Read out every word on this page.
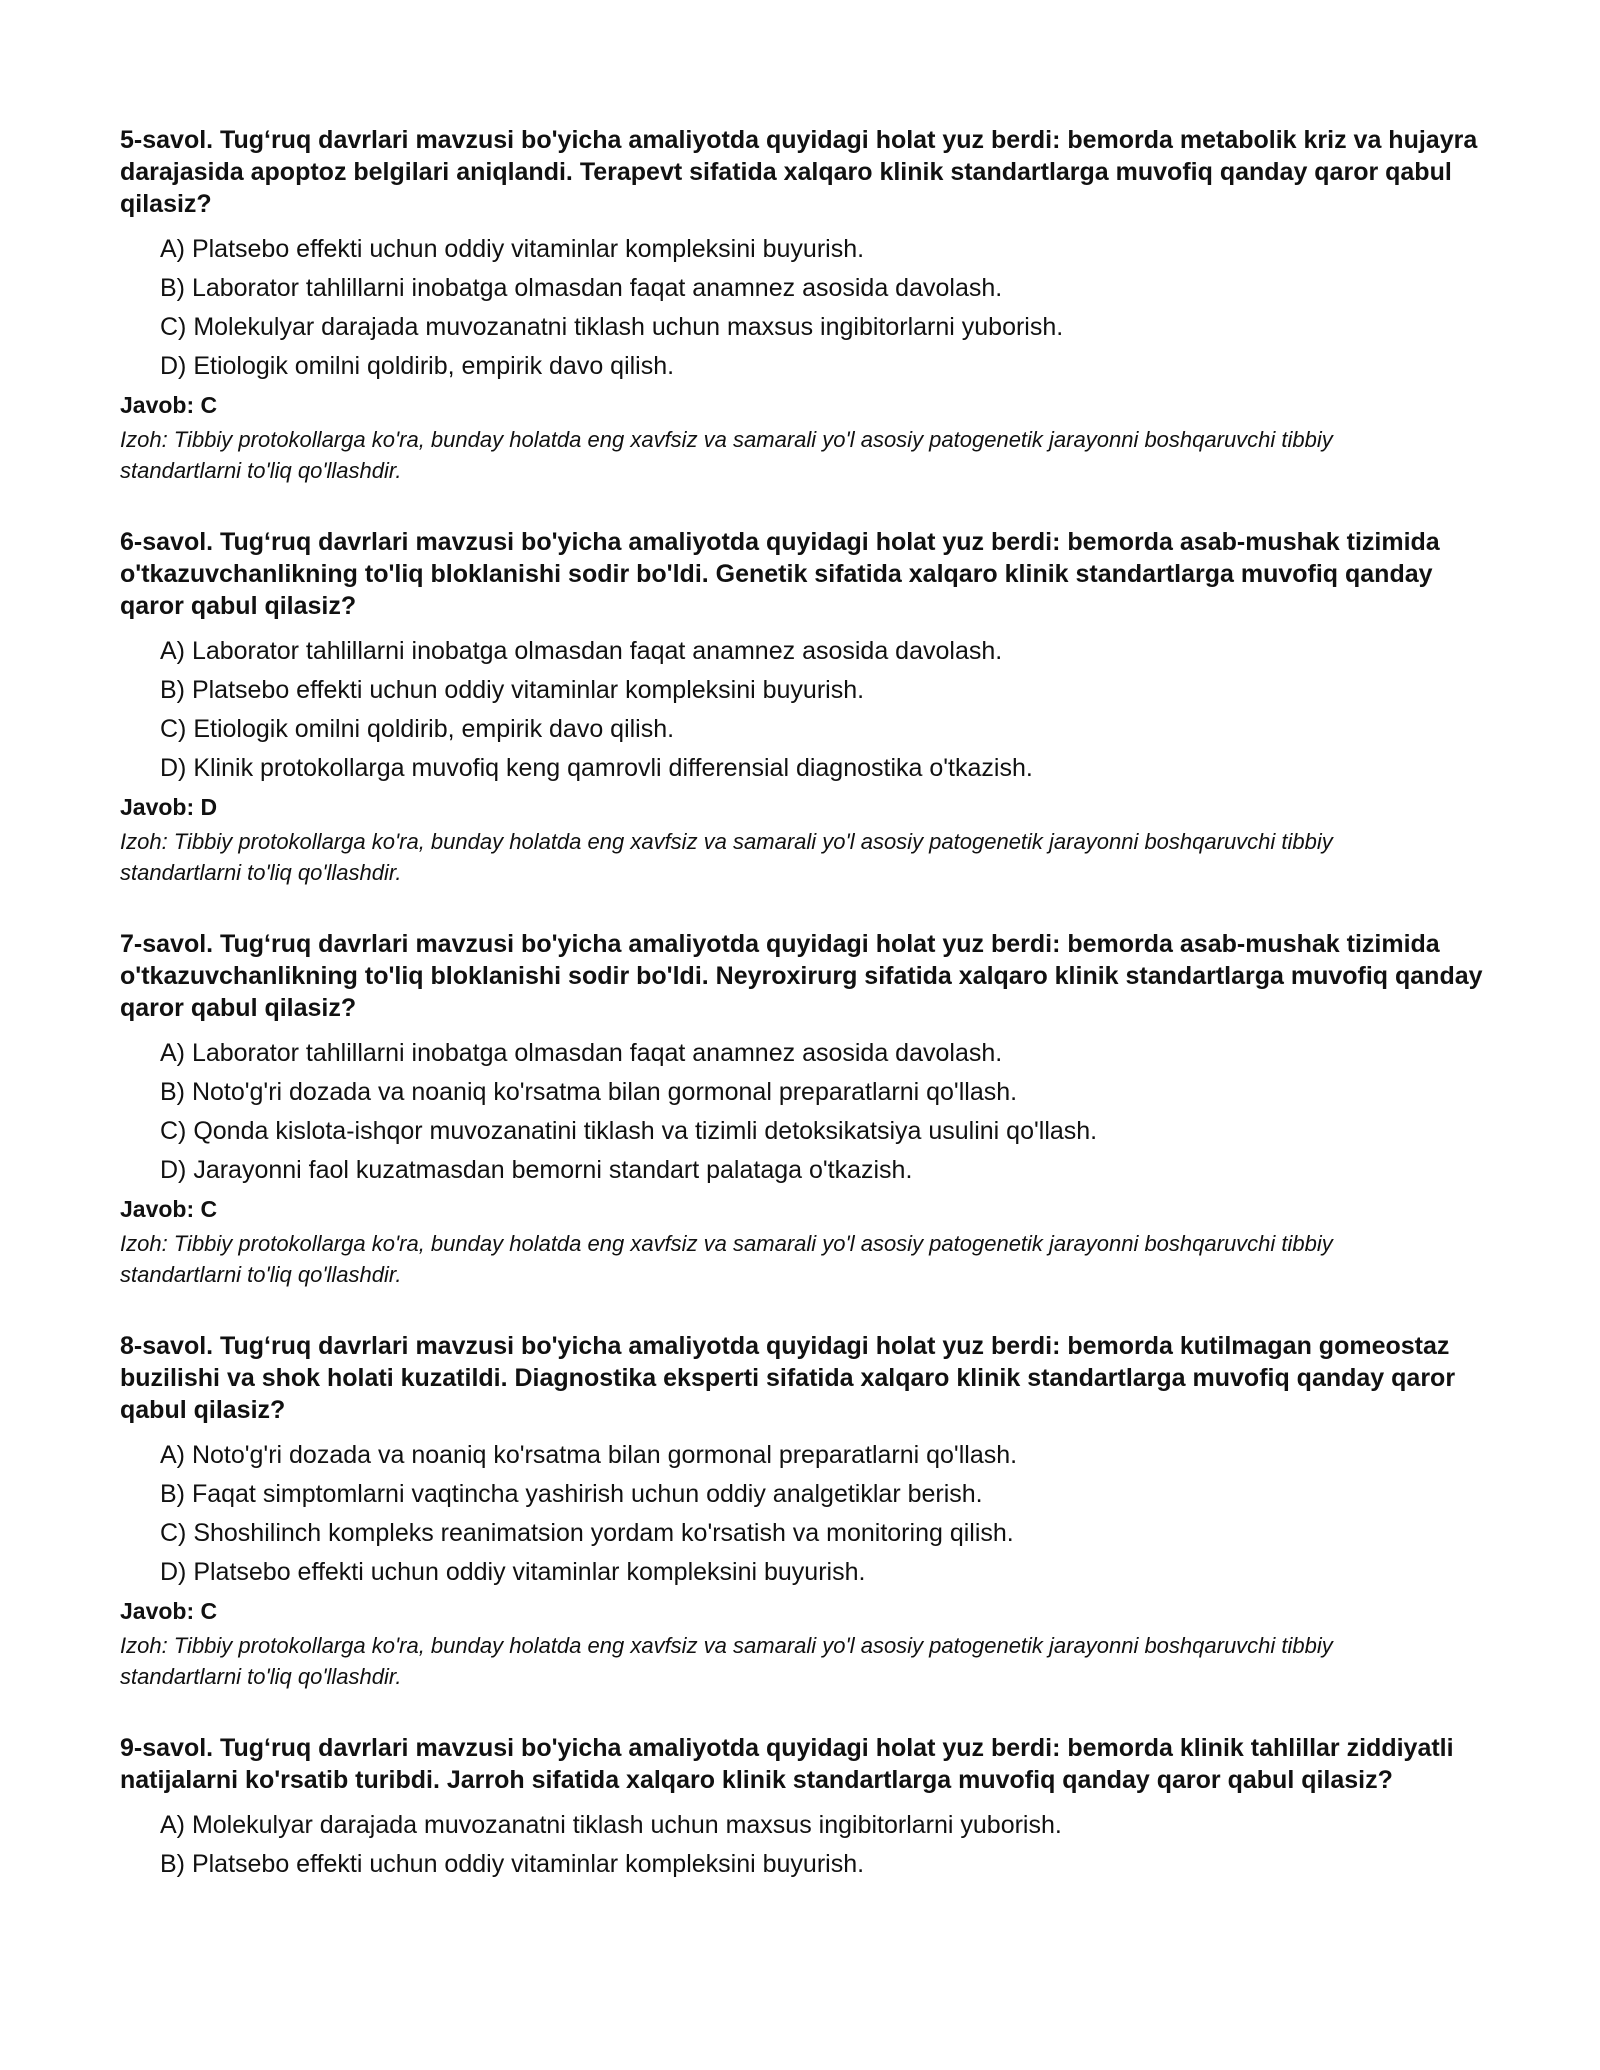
5-savol. Tug‘ruq davrlari mavzusi bo'yicha amaliyotda quyidagi holat yuz berdi: bemorda metabolik kriz va hujayra darajasida apoptoz belgilari aniqlandi. Terapevt sifatida xalqaro klinik standartlarga muvofiq qanday qaror qabul qilasiz?

A) Platsebo effekti uchun oddiy vitaminlar kompleksini buyurish.
B) Laborator tahlillarni inobatga olmasdan faqat anamnez asosida davolash.
C) Molekulyar darajada muvozanatni tiklash uchun maxsus ingibitorlarni yuborish.
D) Etiologik omilni qoldirib, empirik davo qilish.

Javob: C

Izoh: Tibbiy protokollarga ko'ra, bunday holatda eng xavfsiz va samarali yo'l asosiy patogenetik jarayonni boshqaruvchi tibbiy standartlarni to'liq qo'llashdir.

6-savol. Tug‘ruq davrlari mavzusi bo'yicha amaliyotda quyidagi holat yuz berdi: bemorda asab-mushak tizimida o'tkazuvchanlikning to'liq bloklanishi sodir bo'ldi. Genetik sifatida xalqaro klinik standartlarga muvofiq qanday qaror qabul qilasiz?

A) Laborator tahlillarni inobatga olmasdan faqat anamnez asosida davolash.
B) Platsebo effekti uchun oddiy vitaminlar kompleksini buyurish.
C) Etiologik omilni qoldirib, empirik davo qilish.
D) Klinik protokollarga muvofiq keng qamrovli differensial diagnostika o'tkazish.

Javob: D

Izoh: Tibbiy protokollarga ko'ra, bunday holatda eng xavfsiz va samarali yo'l asosiy patogenetik jarayonni boshqaruvchi tibbiy standartlarni to'liq qo'llashdir.

7-savol. Tug‘ruq davrlari mavzusi bo'yicha amaliyotda quyidagi holat yuz berdi: bemorda asab-mushak tizimida o'tkazuvchanlikning to'liq bloklanishi sodir bo'ldi. Neyroxirurg sifatida xalqaro klinik standartlarga muvofiq qanday qaror qabul qilasiz?

A) Laborator tahlillarni inobatga olmasdan faqat anamnez asosida davolash.
B) Noto'g'ri dozada va noaniq ko'rsatma bilan gormonal preparatlarni qo'llash.
C) Qonda kislota-ishqor muvozanatini tiklash va tizimli detoksikatsiya usulini qo'llash.
D) Jarayonni faol kuzatmasdan bemorni standart palataga o'tkazish.

Javob: C

Izoh: Tibbiy protokollarga ko'ra, bunday holatda eng xavfsiz va samarali yo'l asosiy patogenetik jarayonni boshqaruvchi tibbiy standartlarni to'liq qo'llashdir.

8-savol. Tug‘ruq davrlari mavzusi bo'yicha amaliyotda quyidagi holat yuz berdi: bemorda kutilmagan gomeostaz buzilishi va shok holati kuzatildi. Diagnostika eksperti sifatida xalqaro klinik standartlarga muvofiq qanday qaror qabul qilasiz?

A) Noto'g'ri dozada va noaniq ko'rsatma bilan gormonal preparatlarni qo'llash.
B) Faqat simptomlarni vaqtincha yashirish uchun oddiy analgetiklar berish.
C) Shoshilinch kompleks reanimatsion yordam ko'rsatish va monitoring qilish.
D) Platsebo effekti uchun oddiy vitaminlar kompleksini buyurish.

Javob: C

Izoh: Tibbiy protokollarga ko'ra, bunday holatda eng xavfsiz va samarali yo'l asosiy patogenetik jarayonni boshqaruvchi tibbiy standartlarni to'liq qo'llashdir.

9-savol. Tug‘ruq davrlari mavzusi bo'yicha amaliyotda quyidagi holat yuz berdi: bemorda klinik tahlillar ziddiyatli natijalarni ko'rsatib turibdi. Jarroh sifatida xalqaro klinik standartlarga muvofiq qanday qaror qabul qilasiz?

A) Molekulyar darajada muvozanatni tiklash uchun maxsus ingibitorlarni yuborish.
B) Platsebo effekti uchun oddiy vitaminlar kompleksini buyurish.
